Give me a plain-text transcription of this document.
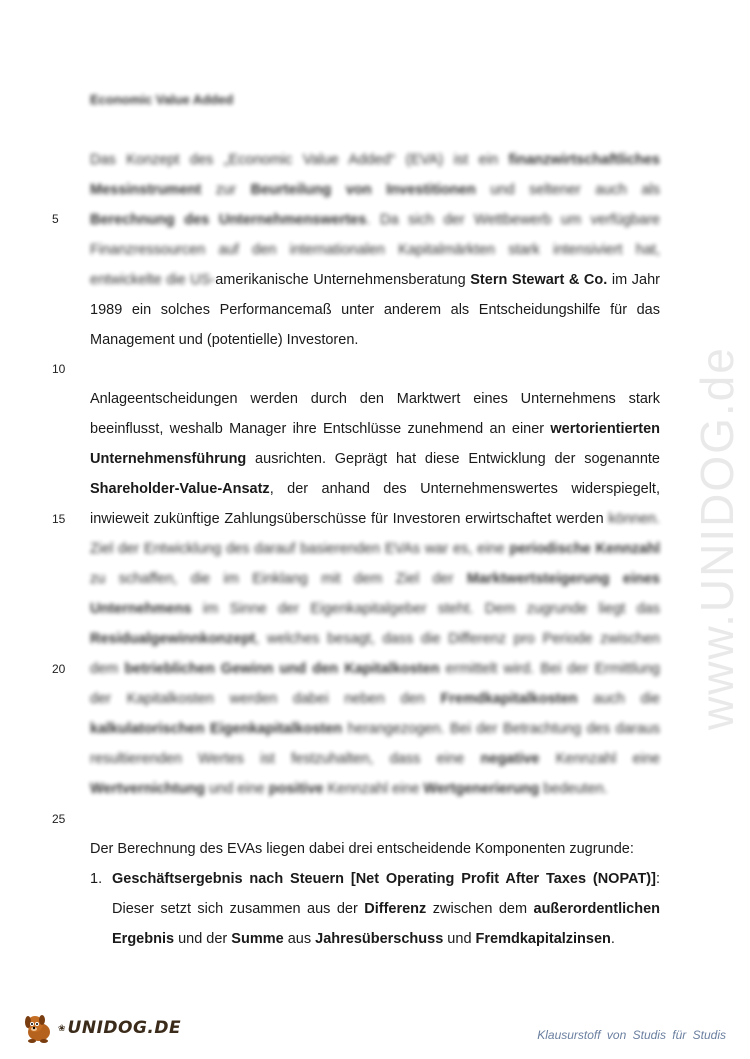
www.UNIDOG.de
Economic Value Added
5
10
15
20
25
Das Konzept des „Economic Value Added“ (EVA) ist ein finanzwirtschaftliches Messinstrument zur Beurteilung von Investitionen und seltener auch als Berechnung des Unternehmenswertes. Da sich der Wettbewerb um verfügbare Finanzressourcen auf den internationalen Kapitalmärkten stark intensiviert hat, entwickelte die US-amerikanische Unternehmensberatung Stern Stewart & Co. im Jahr 1989 ein solches Performancemaß unter anderem als Entscheidungshilfe für das Management und (potentielle) Investoren.
Anlageentscheidungen werden durch den Marktwert eines Unternehmens stark beeinflusst, weshalb Manager ihre Entschlüsse zunehmend an einer wertorientierten Unternehmensführung ausrichten. Geprägt hat diese Entwicklung der sogenannte Shareholder-Value-Ansatz, der anhand des Unternehmenswertes widerspiegelt, inwieweit zukünftige Zahlungsüberschüsse für Investoren erwirtschaftet werden können. Ziel der Entwicklung des darauf basierenden EVAs war es, eine periodische Kennzahl zu schaffen, die im Einklang mit dem Ziel der Marktwertsteigerung eines Unternehmens im Sinne der Eigenkapitalgeber steht. Dem zugrunde liegt das Residualgewinnkonzept, welches besagt, dass die Differenz pro Periode zwischen dem betrieblichen Gewinn und den Kapitalkosten ermittelt wird. Bei der Ermittlung der Kapitalkosten werden dabei neben den Fremdkapitalkosten auch die kalkulatorischen Eigenkapitalkosten herangezogen. Bei der Betrachtung des daraus resultierenden Wertes ist festzuhalten, dass eine negative Kennzahl eine Wertvernichtung und eine positive Kennzahl eine Wertgenerierung bedeuten.
Der Berechnung des EVAs liegen dabei drei entscheidende Komponenten zugrunde:
1. Geschäftsergebnis nach Steuern [Net Operating Profit After Taxes (NOPAT)]: Dieser setzt sich zusammen aus der Differenz zwischen dem außerordentlichen Ergebnis und der Summe aus Jahresüberschuss und Fremdkapitalzinsen.
❀ UNIDOG.DE	Klausurstoff von Studis für Studis
